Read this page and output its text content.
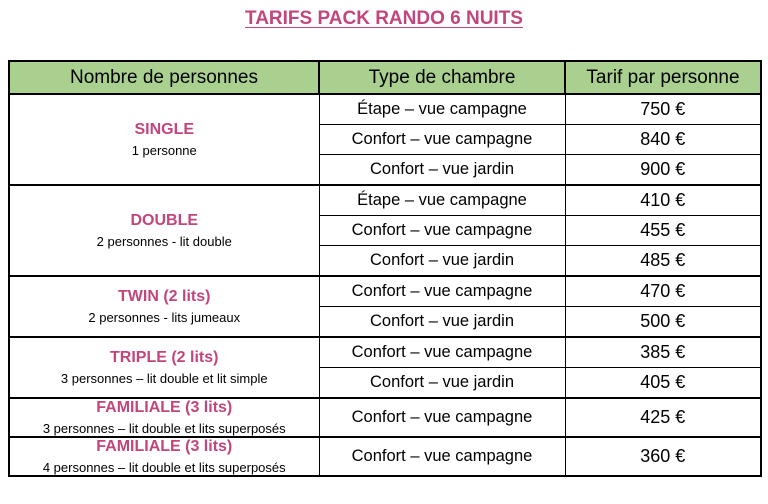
TARIFS PACK RANDO 6 NUITS
Nombre de personnes	Type de chambre	Tarif par personne

SINGLE
1 personne	Étape – vue campagne	750 €
	Confort – vue campagne	840 €
	Confort – vue jardin	900 €

DOUBLE
2 personnes - lit double	Étape – vue campagne	410 €
	Confort – vue campagne	455 €
	Confort – vue jardin	485 €

TWIN (2 lits)
2 personnes - lits jumeaux	Confort – vue campagne	470 €
	Confort – vue jardin	500 €

TRIPLE (2 lits)
3 personnes – lit double et lit simple	Confort – vue campagne	385 €
	Confort – vue jardin	405 €

FAMILIALE (3 lits)
3 personnes – lit double et lits superposés	Confort – vue campagne	425 €

FAMILIALE (3 lits)
4 personnes – lit double et lits superposés	Confort – vue campagne	360 €
